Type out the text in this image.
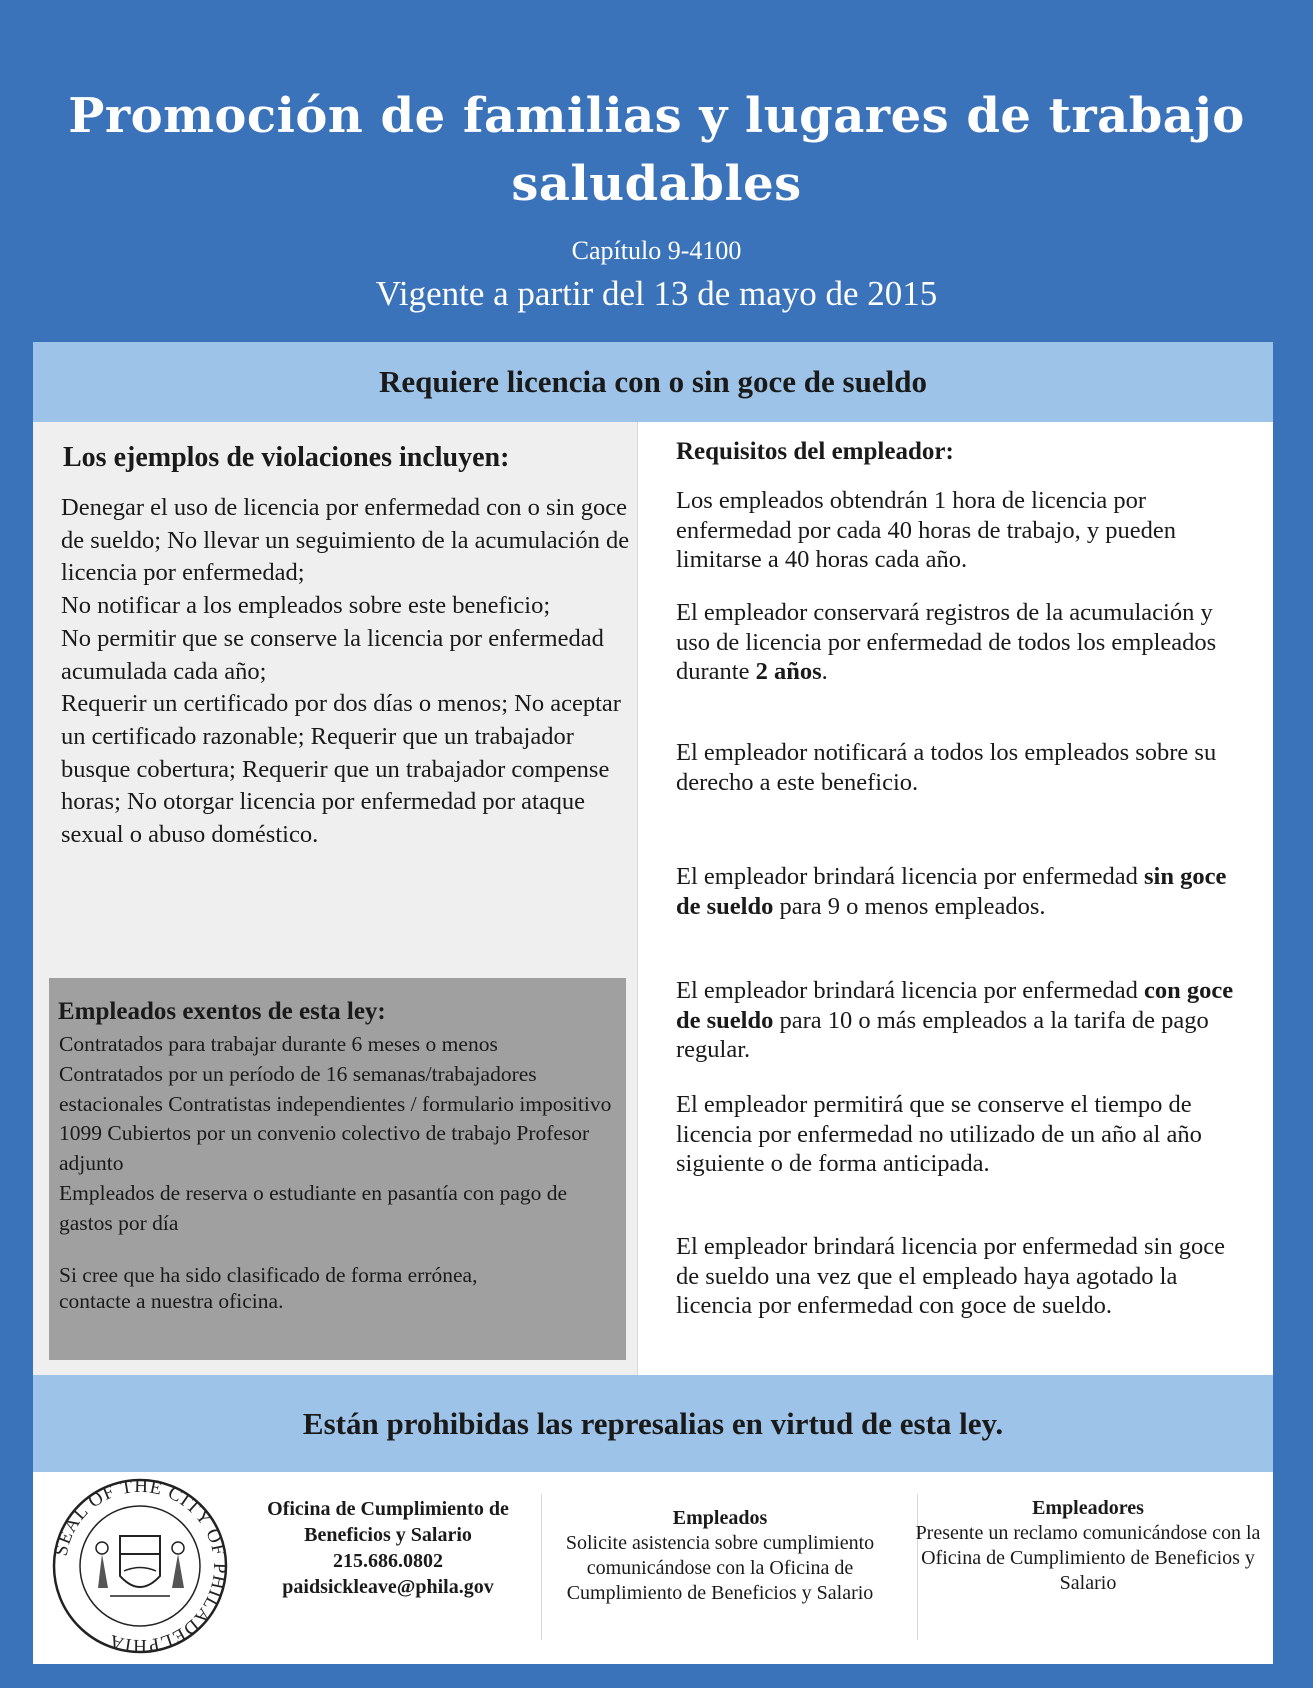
Promoción de familias y lugares de trabajo saludables
Capítulo 9-4100
Vigente a partir del 13 de mayo de 2015
Requiere licencia con o sin goce de sueldo
Los ejemplos de violaciones incluyen:
Denegar el uso de licencia por enfermedad con o sin goce de sueldo; No llevar un seguimiento de la acumulación de licencia por enfermedad;
No notificar a los empleados sobre este beneficio;
No permitir que se conserve la licencia por enfermedad acumulada cada año;
Requerir un certificado por dos días o menos; No aceptar un certificado razonable; Requerir que un trabajador busque cobertura; Requerir que un trabajador compense horas; No otorgar licencia por enfermedad por ataque sexual o abuso doméstico.
Empleados exentos de esta ley:
Contratados para trabajar durante 6 meses o menos
Contratados por un período de 16 semanas/trabajadores estacionales Contratistas independientes / formulario impositivo 1099 Cubiertos por un convenio colectivo de trabajo Profesor adjunto
Empleados de reserva o estudiante en pasantía con pago de gastos por día
Si cree que ha sido clasificado de forma errónea,
contacte a nuestra oficina.
Requisitos del empleador:
Los empleados obtendrán 1 hora de licencia por enfermedad por cada 40 horas de trabajo, y pueden limitarse a 40 horas cada año.
El empleador conservará registros de la acumulación y uso de licencia por enfermedad de todos los empleados durante 2 años.
El empleador notificará a todos los empleados sobre su derecho a este beneficio.
El empleador brindará licencia por enfermedad sin goce de sueldo para 9 o menos empleados.
El empleador brindará licencia por enfermedad con goce de sueldo para 10 o más empleados a la tarifa de pago regular.
El empleador permitirá que se conserve el tiempo de licencia por enfermedad no utilizado de un año al año siguiente o de forma anticipada.
El empleador brindará licencia por enfermedad sin goce de sueldo una vez que el empleado haya agotado la licencia por enfermedad con goce de sueldo.
Están prohibidas las represalias en virtud de esta ley.
SEAL OF THE CITY OF PHILADELPHIA
Oficina de Cumplimiento de
Beneficios y Salario
215.686.0802
paidsickleave@phila.gov
Empleados
Solicite asistencia sobre cumplimiento comunicándose con la Oficina de Cumplimiento de Beneficios y Salario
Empleadores
Presente un reclamo comunicándose con la Oficina de Cumplimiento de Beneficios y Salario
